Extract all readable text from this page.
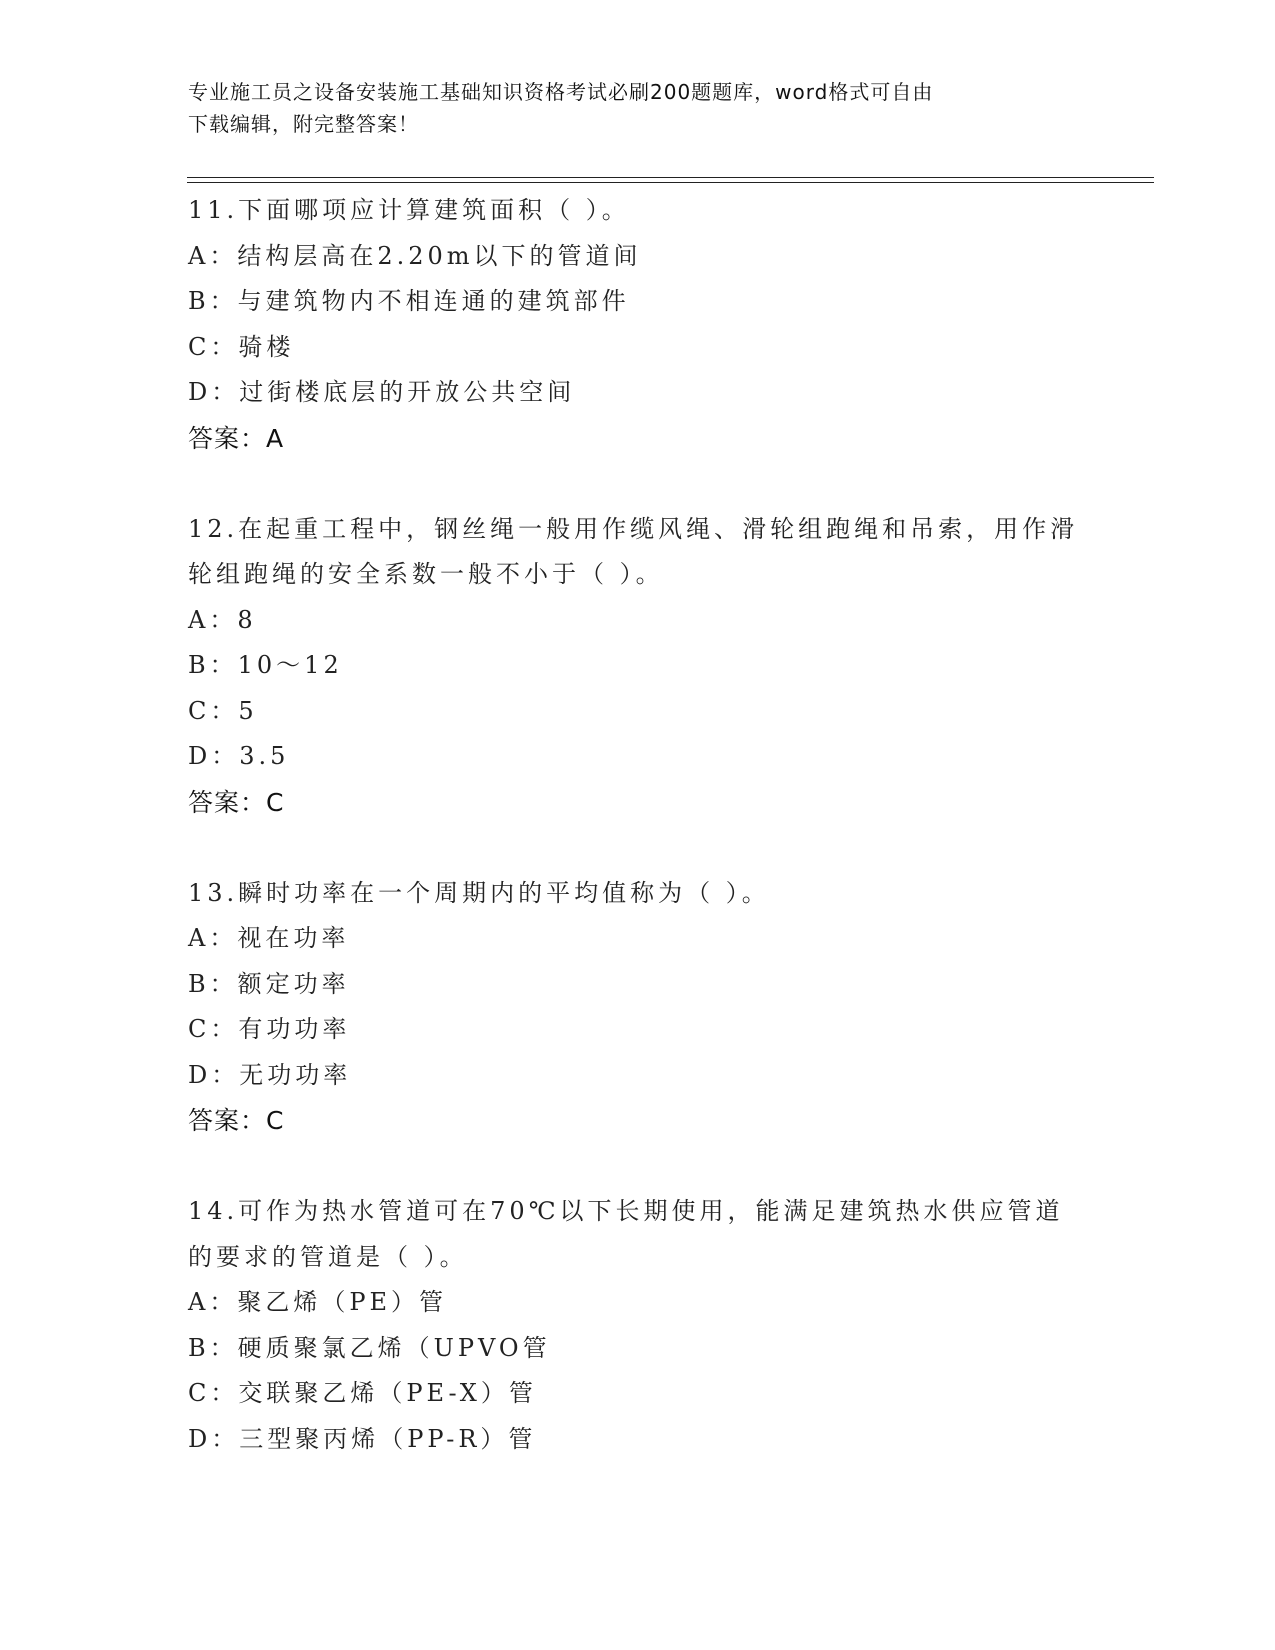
专业施工员之设备安装施工基础知识资格考试必刷200题题库，word格式可自由
下载编辑，附完整答案！
11.下面哪项应计算建筑面积（ ）。
A：结构层高在2.20m以下的管道间
B：与建筑物内不相连通的建筑部件
C：骑楼
D：过街楼底层的开放公共空间
答案：A
12.在起重工程中，钢丝绳一般用作缆风绳、滑轮组跑绳和吊索，用作滑轮组跑绳的安全系数一般不小于（ ）。
A：8
B：10～12
C：5
D：3.5
答案：C
13.瞬时功率在一个周期内的平均值称为（ ）。
A：视在功率
B：额定功率
C：有功功率
D：无功功率
答案：C
14.可作为热水管道可在70℃以下长期使用，能满足建筑热水供应管道的要求的管道是（ ）。
A：聚乙烯（PE）管
B：硬质聚氯乙烯（UPVO管
C：交联聚乙烯（PE-X）管
D：三型聚丙烯（PP-R）管
